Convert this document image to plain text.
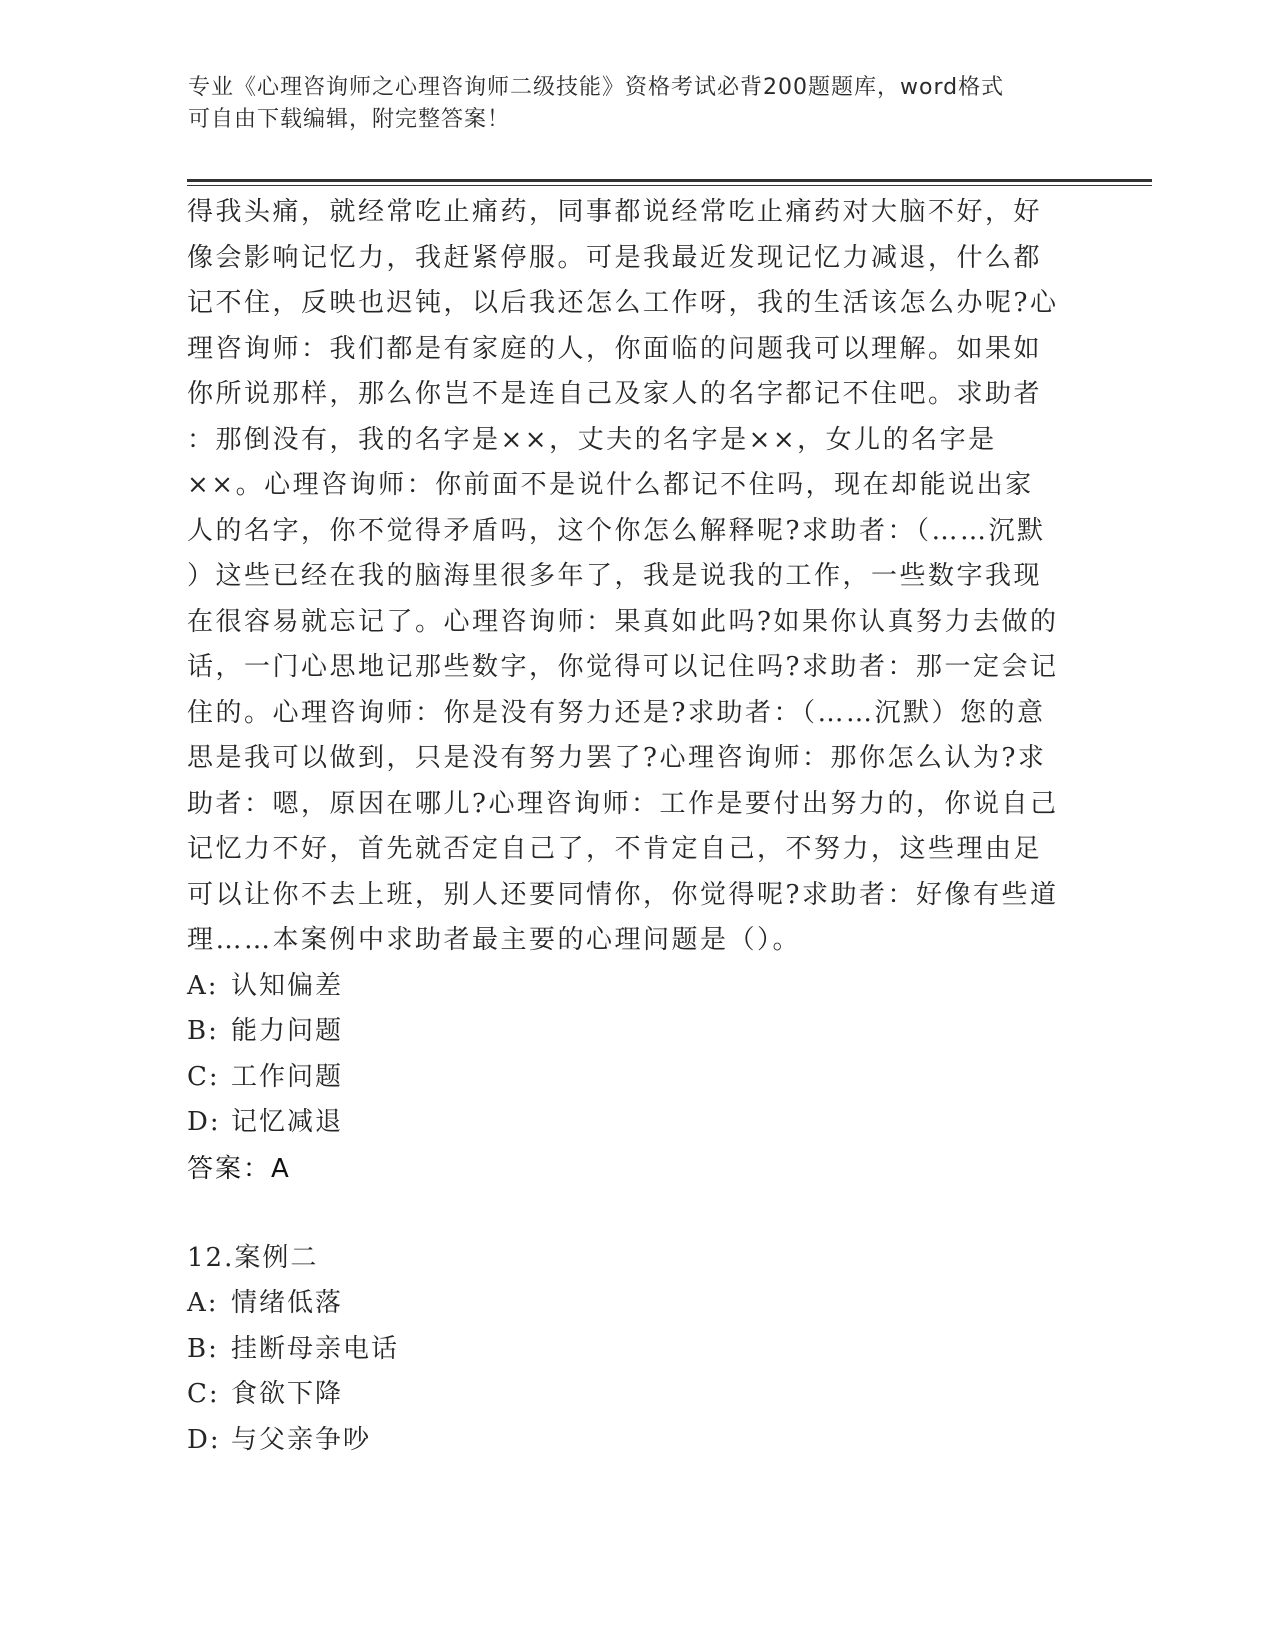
专业《心理咨询师之心理咨询师二级技能》资格考试必背200题题库，word格式
可自由下载编辑，附完整答案！
得我头痛，就经常吃止痛药，同事都说经常吃止痛药对大脑不好，好
像会影响记忆力，我赶紧停服。可是我最近发现记忆力减退，什么都
记不住，反映也迟钝，以后我还怎么工作呀，我的生活该怎么办呢?心
理咨询师：我们都是有家庭的人，你面临的问题我可以理解。如果如
你所说那样，那么你岂不是连自己及家人的名字都记不住吧。求助者
：那倒没有，我的名字是××，丈夫的名字是××，女儿的名字是
××。心理咨询师：你前面不是说什么都记不住吗，现在却能说出家
人的名字，你不觉得矛盾吗，这个你怎么解释呢?求助者：（……沉默
）这些已经在我的脑海里很多年了，我是说我的工作，一些数字我现
在很容易就忘记了。心理咨询师：果真如此吗?如果你认真努力去做的
话，一门心思地记那些数字，你觉得可以记住吗?求助者：那一定会记
住的。心理咨询师：你是没有努力还是?求助者：（……沉默）您的意
思是我可以做到，只是没有努力罢了?心理咨询师：那你怎么认为?求
助者：嗯，原因在哪儿?心理咨询师：工作是要付出努力的，你说自己
记忆力不好，首先就否定自己了，不肯定自己，不努力，这些理由足
可以让你不去上班，别人还要同情你，你觉得呢?求助者：好像有些道
理……本案例中求助者最主要的心理问题是（）。
A: 认知偏差
B: 能力问题
C: 工作问题
D: 记忆减退
答案：A
12.案例二
A: 情绪低落
B: 挂断母亲电话
C: 食欲下降
D: 与父亲争吵
